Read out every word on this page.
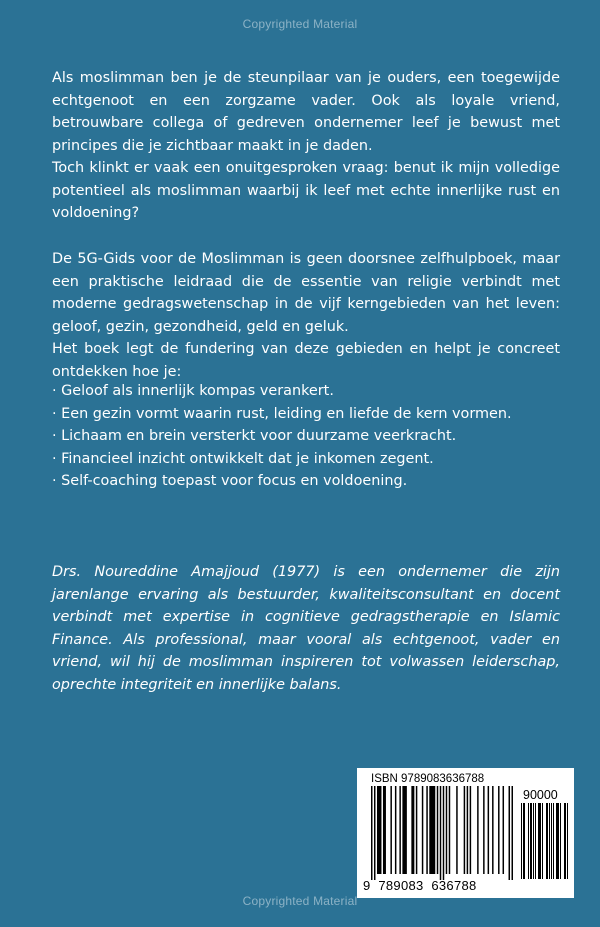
Copyrighted Material

Als moslimman ben je de steunpilaar van je ouders, een toegewijde echtgenoot en een zorgzame vader. Ook als loyale vriend, betrouwbare collega of gedreven ondernemer leef je bewust met principes die je zichtbaar maakt in je daden.

Toch klinkt er vaak een onuitgesproken vraag: benut ik mijn volledige potentieel als moslimman waarbij ik leef met echte innerlijke rust en voldoening?

De 5G-Gids voor de Moslimman is geen doorsnee zelfhulpboek, maar een praktische leidraad die de essentie van religie verbindt met moderne gedragswetenschap in de vijf kerngebieden van het leven: geloof, gezin, gezondheid, geld en geluk.

Het boek legt de fundering van deze gebieden en helpt je concreet ontdekken hoe je:

· Geloof als innerlijk kompas verankert.
· Een gezin vormt waarin rust, leiding en liefde de kern vormen.
· Lichaam en brein versterkt voor duurzame veerkracht.
· Financieel inzicht ontwikkelt dat je inkomen zegent.
· Self-coaching toepast voor focus en voldoening.

Drs. Noureddine Amajjoud (1977) is een ondernemer die zijn jarenlange ervaring als bestuurder, kwaliteitsconsultant en docent verbindt met expertise in cognitieve gedragstherapie en Islamic Finance. Als professional, maar vooral als echtgenoot, vader en vriend, wil hij de moslimman inspireren tot volwassen leiderschap, oprechte integriteit en innerlijke balans.

ISBN 9789083636788
90000
9  789083  636788
Copyrighted Material
